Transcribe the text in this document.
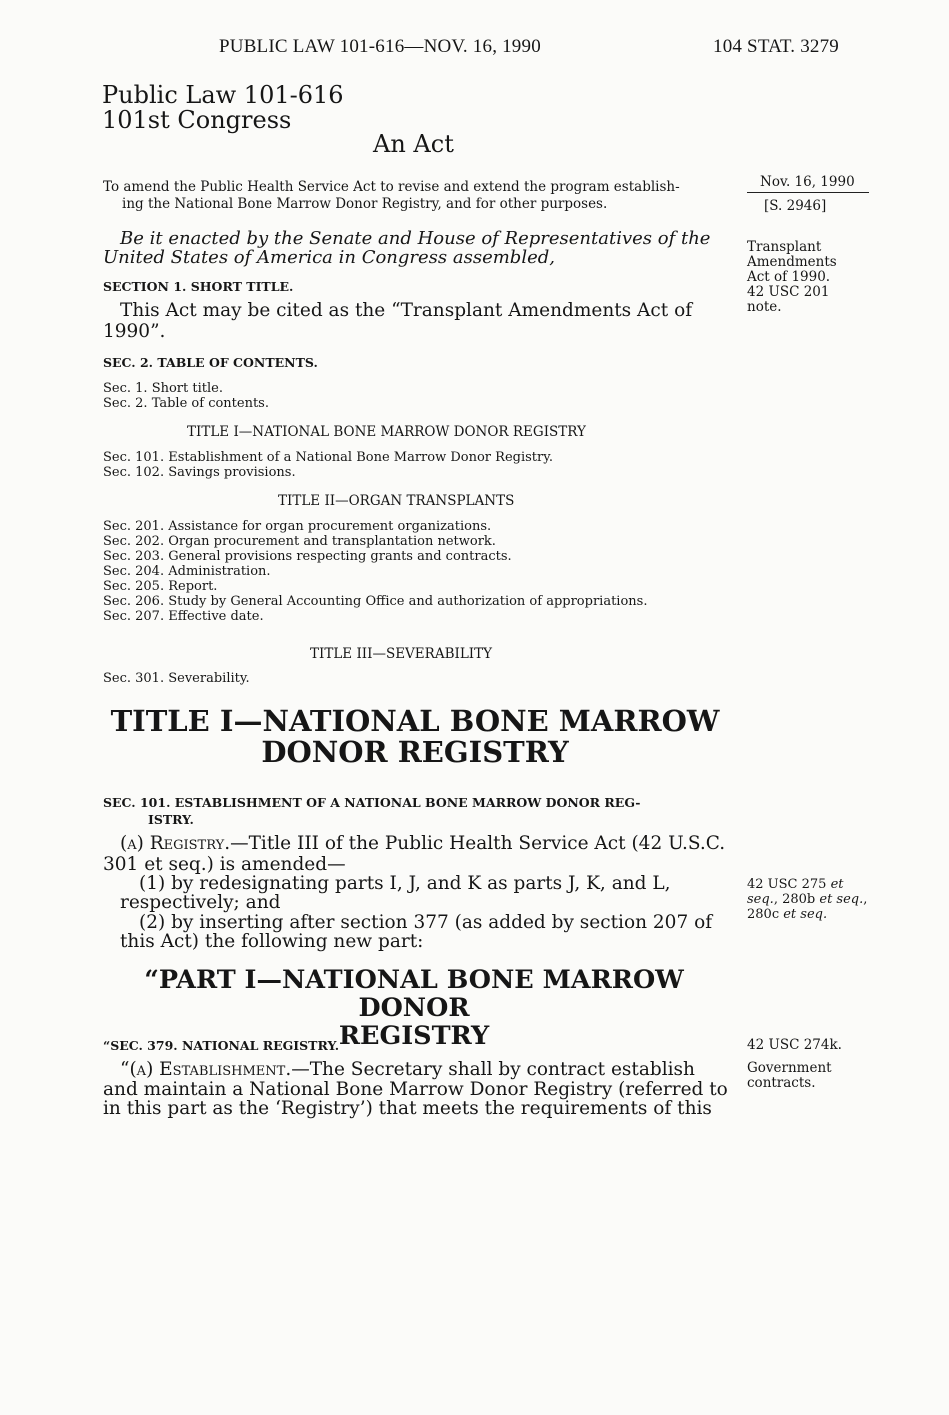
PUBLIC LAW 101-616—NOV. 16, 1990	104 STAT. 3279
Public Law 101-616
101st Congress
An Act
To amend the Public Health Service Act to revise and extend the program establish-
ing the National Bone Marrow Donor Registry, and for other purposes.
Nov. 16, 1990
[S. 2946]
Be it enacted by the Senate and House of Representatives of the
United States of America in Congress assembled,	Transplant
Amendments
Act of 1990.
42 USC 201
note.
SECTION 1. SHORT TITLE.
This Act may be cited as the “Transplant Amendments Act of
1990”.
SEC. 2. TABLE OF CONTENTS.
Sec. 1. Short title.
Sec. 2. Table of contents.
TITLE I—NATIONAL BONE MARROW DONOR REGISTRY
Sec. 101. Establishment of a National Bone Marrow Donor Registry.
Sec. 102. Savings provisions.
TITLE II—ORGAN TRANSPLANTS
Sec. 201. Assistance for organ procurement organizations.
Sec. 202. Organ procurement and transplantation network.
Sec. 203. General provisions respecting grants and contracts.
Sec. 204. Administration.
Sec. 205. Report.
Sec. 206. Study by General Accounting Office and authorization of appropriations.
Sec. 207. Effective date.
TITLE III—SEVERABILITY
Sec. 301. Severability.
TITLE I—NATIONAL BONE MARROW
DONOR REGISTRY
SEC. 101. ESTABLISHMENT OF A NATIONAL BONE MARROW DONOR REG-
ISTRY.
(a) Registry.—Title III of the Public Health Service Act (42 U.S.C.
301 et seq.) is amended—
(1) by redesignating parts I, J, and K as parts J, K, and L,
respectively; and
(2) by inserting after section 377 (as added by section 207 of
this Act) the following new part:
42 USC 275 et
seq., 280b et seq.,
280c et seq.
“PART I—NATIONAL BONE MARROW DONOR
REGISTRY
“SEC. 379. NATIONAL REGISTRY.	42 USC 274k.
“(a) Establishment.—The Secretary shall by contract establish
and maintain a National Bone Marrow Donor Registry (referred to
in this part as the ‘Registry’) that meets the requirements of this
Government
contracts.
